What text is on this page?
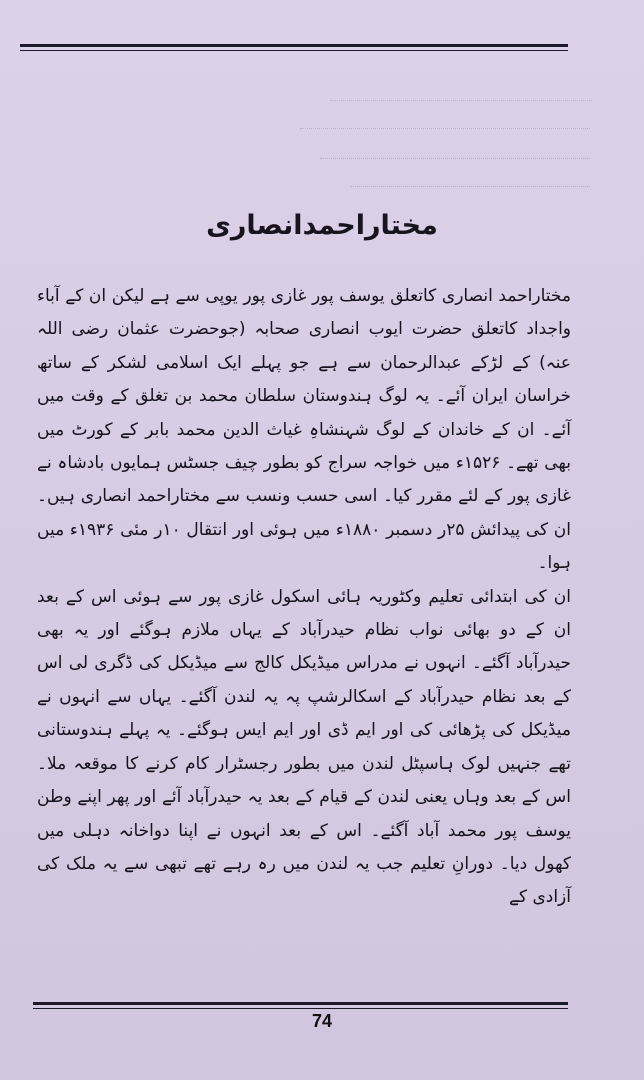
مختاراحمدانصاری

مختاراحمد انصاری کاتعلق یوسف پور غازی پور یوپی سے ہے لیکن ان کے آباء واجداد کاتعلق حضرت ایوب انصاری صحابہ (جوحضرت عثمان رضی اللہ عنہ) کے لڑکے عبدالرحمان سے ہے جو پہلے ایک اسلامی لشکر کے ساتھ خراسان ایران آئے۔ یہ لوگ ہندوستان سلطان محمد بن تغلق کے وقت میں آئے۔ ان کے خاندان کے لوگ شہنشاہِ غیاث الدین محمد بابر کے کورٹ میں بھی تھے۔ ۱۵۲۶ء میں خواجہ سراج کو بطور چیف جسٹس ہمایوں بادشاہ نے غازی پور کے لئے مقرر کیا۔ اسی حسب ونسب سے مختاراحمد انصاری ہیں۔ ان کی پیدائش ۲۵ر دسمبر ۱۸۸۰ء میں ہوئی اور انتقال ۱۰ر مئی ۱۹۳۶ء میں ہوا۔

ان کی ابتدائی تعلیم وکٹوریہ ہائی اسکول غازی پور سے ہوئی اس کے بعد ان کے دو بھائی نواب نظام حیدرآباد کے یہاں ملازم ہوگئے اور یہ بھی حیدرآباد آگئے۔ انہوں نے مدراس میڈیکل کالج سے میڈیکل کی ڈگری لی اس کے بعد نظام حیدرآباد کے اسکالرشپ پہ یہ لندن آگئے۔ یہاں سے انہوں نے میڈیکل کی پڑھائی کی اور ایم ڈی اور ایم ایس ہوگئے۔ یہ پہلے ہندوستانی تھے جنہیں لوک ہاسپٹل لندن میں بطور رجسٹرار کام کرنے کا موقعہ ملا۔ اس کے بعد وہاں یعنی لندن کے قیام کے بعد یہ حیدرآباد آئے اور پھر اپنے وطن یوسف پور محمد آباد آگئے۔ اس کے بعد انہوں نے اپنا دواخانہ دہلی میں کھول دیا۔ دورانِ تعلیم جب یہ لندن میں رہ رہے تھے تبھی سے یہ ملک کی آزادی کے

74
